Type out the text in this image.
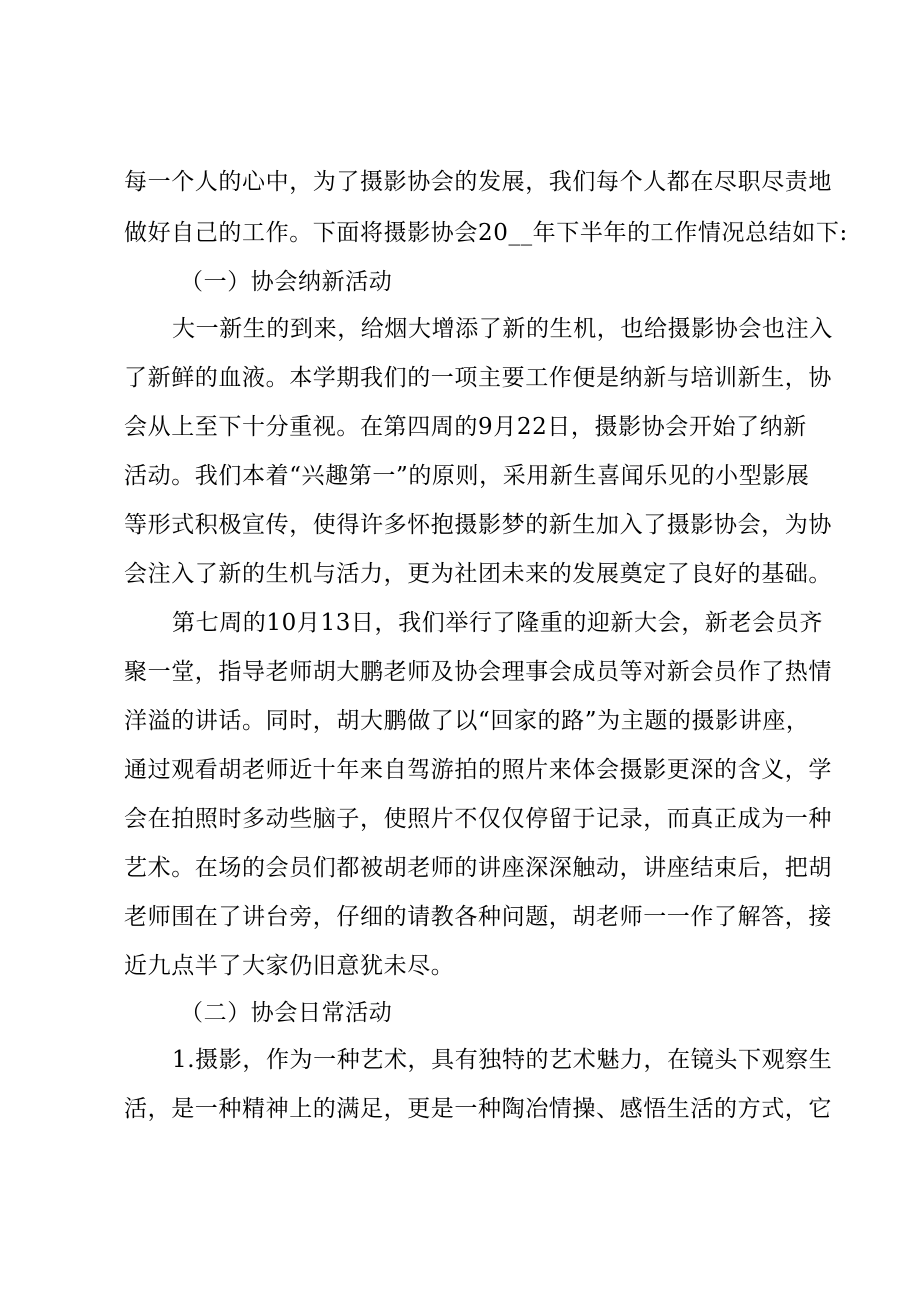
每一个人的心中，为了摄影协会的发展，我们每个人都在尽职尽责地
做好自己的工作。下面将摄影协会20__年下半年的工作情况总结如下:
（一）协会纳新活动
大一新生的到来，给烟大增添了新的生机，也给摄影协会也注入
了新鲜的血液。本学期我们的一项主要工作便是纳新与培训新生，协
会从上至下十分重视。在第四周的9月22日，摄影协会开始了纳新
活动。我们本着“兴趣第一”的原则，采用新生喜闻乐见的小型影展
等形式积极宣传，使得许多怀抱摄影梦的新生加入了摄影协会，为协
会注入了新的生机与活力，更为社团未来的发展奠定了良好的基础。
第七周的10月13日，我们举行了隆重的迎新大会，新老会员齐
聚一堂，指导老师胡大鹏老师及协会理事会成员等对新会员作了热情
洋溢的讲话。同时，胡大鹏做了以“回家的路”为主题的摄影讲座，
通过观看胡老师近十年来自驾游拍的照片来体会摄影更深的含义，学
会在拍照时多动些脑子，使照片不仅仅停留于记录，而真正成为一种
艺术。在场的会员们都被胡老师的讲座深深触动，讲座结束后，把胡
老师围在了讲台旁，仔细的请教各种问题，胡老师一一作了解答，接
近九点半了大家仍旧意犹未尽。
（二）协会日常活动
1.摄影，作为一种艺术，具有独特的艺术魅力，在镜头下观察生
活，是一种精神上的满足，更是一种陶冶情操、感悟生活的方式，它
